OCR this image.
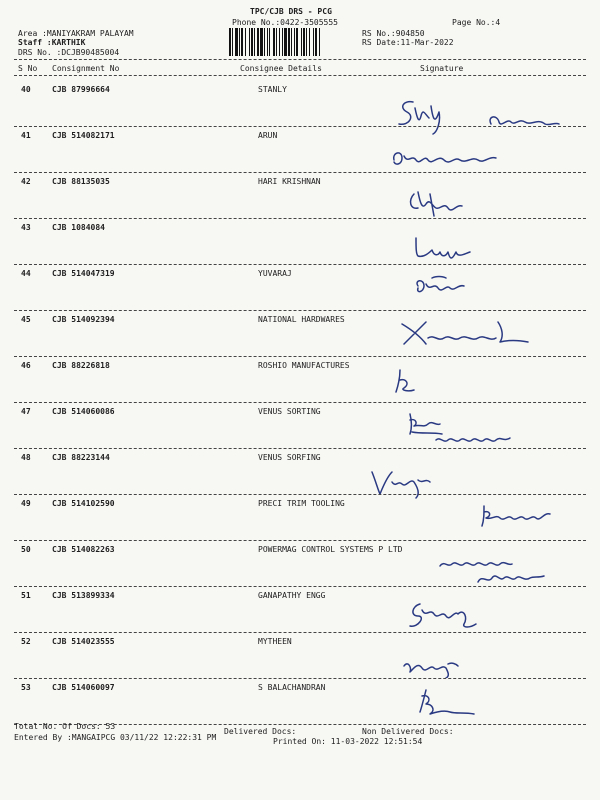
TPC/CJB DRS - PCG
Phone No.:0422-3505555	Page No.:4
Area :MANIYAKRAM PALAYAM
Staff :KARTHIK
DRS No. :DCJB90485004
RS No.:904850
RS Date:11-Mar-2022
S No Consignment No	Consignee Details	Signature
40	CJB 87996664	STANLY
41	CJB 514082171	ARUN
42	CJB 88135035	HARI KRISHNAN
43	CJB 1084084
44	CJB 514047319	YUVARAJ
45	CJB 514092394	NATIONAL HARDWARES
46	CJB 88226818	ROSHIO MANUFACTURES
47	CJB 514060086	VENUS SORTING
48	CJB 88223144	VENUS SORFING
49	CJB 514102590	PRECI TRIM TOOLING
50	CJB 514082263	POWERMAG CONTROL SYSTEMS P LTD
51	CJB 513899334	GANAPATHY ENGG
52	CJB 514023555	MYTHEEN
53	CJB 514060097	S BALACHANDRAN
Total No. Of Docs: 53
Delivered Docs:	Non Delivered Docs:
Entered By :MANGAIPCG 03/11/22 12:22:31 PM	Printed On: 11-03-2022 12:51:54
